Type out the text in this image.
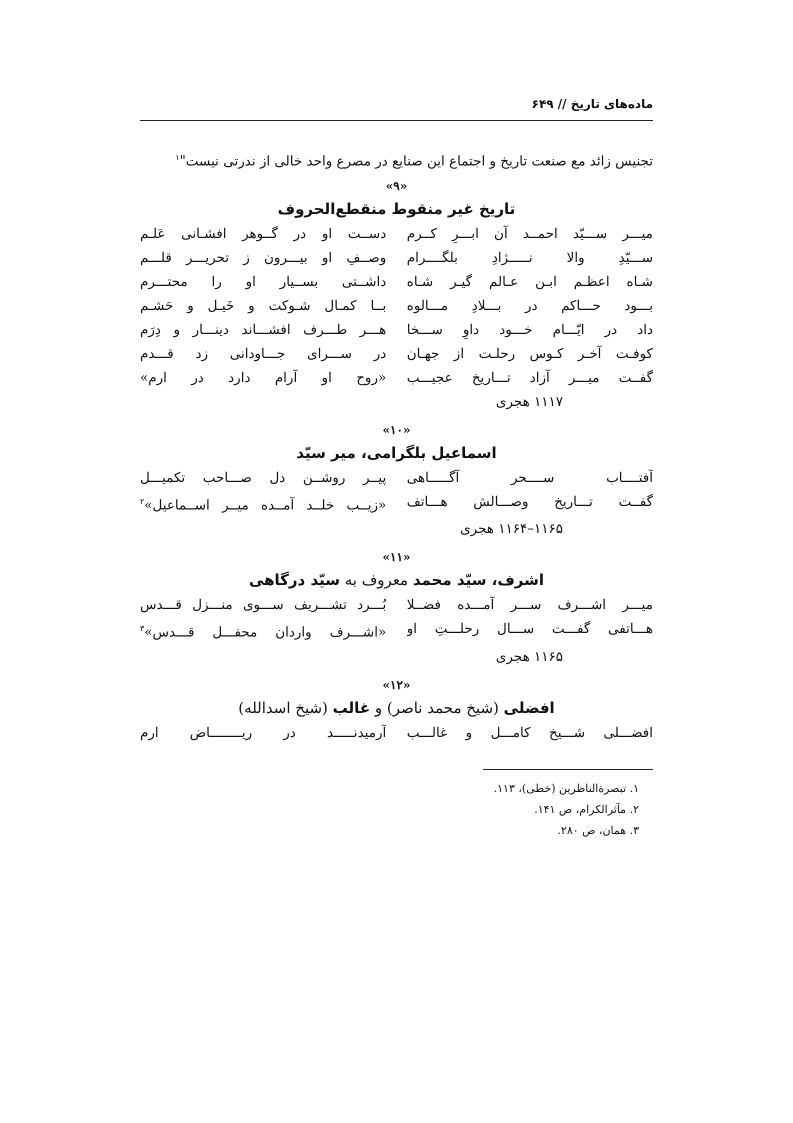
ماده‌های تاریخ // ۶۴۹

تجنیس زائد مع صنعت تاریخ و اجتماع این صنایع در مصرع واحد خالی از ندرتی نیست"$^۱$

«۹»
تاریخ غیر منقوط منقطع‌الحروف
میـــر ســـیّد احمــد آن ابـــرِ کــرم
دســت او در گــوهر افشـانی عَلـم
ســـیّدِ والا نـــــژادِ بلگــــرام
وصــفِ او بیـــرون ز تحریـــر قلـــم
شـاه اعظـم ابـن عـالم گیـر شـاه
داشــتی بســیار او را محتـــرم
بـــود حـــاکم در بـــلادِ مـــالوه
بــا کمـال شـوکت و خَیـل و حَشـم
داد در ایّـــام خـــود داوِ ســـخا
هـــر طـــرف افشـــاند دینـــار و دِرَم
کوفـت آخـر کـوس رحلـت از جهـان
در ســـرای جـــاودانی زد قـــدم
گفــت میـــر آزاد تـــاریخ عجیـــب
«روح او آرام دارد در ارم»
۱۱۱۷ هجری
«۱۰»
اسماعیل بلگرامی، میر سیّد
آفتــــاب ســــحر آگـــــاهی
پیــر روشــن دل صـــاحب تکمیـــل
گفــت تـــاریخ وصـــالش هـــاتف
«زیــب خلــد آمــده میــر اســماعیل»$^۲$
۱۱۶۵–۱۱۶۴ هجری
«۱۱»
اشرف، سیّد محمد معروف به سیّد درگاهی
میـــر اشـــرف ســـر آمـــده فضــلا
بُـــرد تشـــریف ســـوی منـــزل قـــدس
هـــاتفی گفـــت ســـال رحلـــتِ او
«اشـــرف واردان محفـــل قـــدس»$^۳$
۱۱۶۵ هجری
«۱۲»
افضلی (شیخ محمد ناصر) و غالب (شیخ اسدالله)
افضـــلی شـــیخ کامـــل و غالـــب
آرمیدنـــــد در ریــــــــاض ارم
۱. تبصرةالناظرین (خطی)، ۱۱۳.
۲. مآثرالکرام، ص ۱۴۱.
۳. همان، ص ۲۸۰.
